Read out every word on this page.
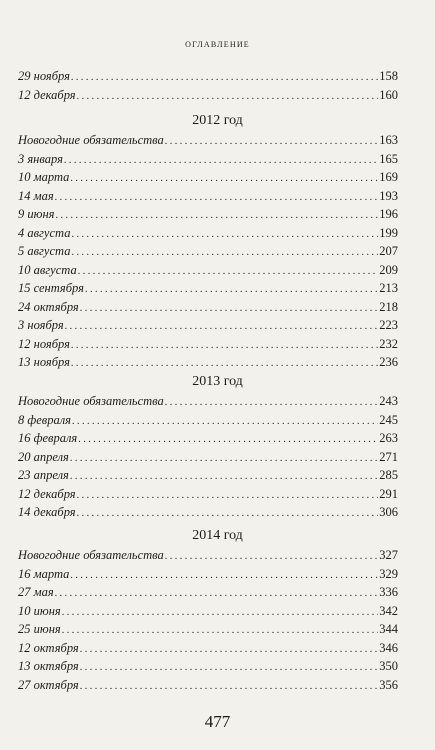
оглавление
29 ноября . . .	158
12 декабря . . .	160
2012 год
Новогодние обязательства . . .	163
3 января . . .	165
10 марта . . .	169
14 мая . . .	193
9 июня . . .	196
4 августа . . .	199
5 августа . . .	207
10 августа . . .	209
15 сентября . . .	213
24 октября . . .	218
3 ноября . . .	223
12 ноября . . .	232
13 ноября . . .	236
2013 год
Новогодние обязательства . . .	243
8 февраля . . .	245
16 февраля . . .	263
20 апреля . . .	271
23 апреля . . .	285
12 декабря . . .	291
14 декабря . . .	306
2014 год
Новогодние обязательства . . .	327
16 марта . . .	329
27 мая . . .	336
10 июня . . .	342
25 июня . . .	344
12 октября . . .	346
13 октября . . .	350
27 октября . . .	356
477
